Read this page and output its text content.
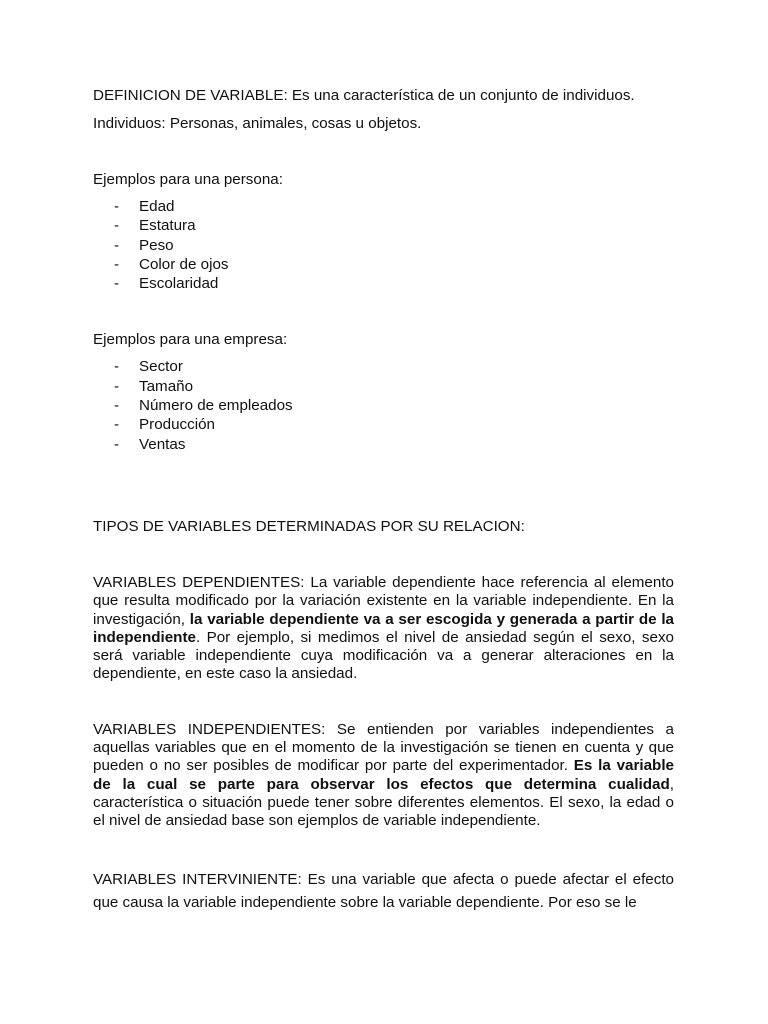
DEFINICION DE VARIABLE: Es una característica de un conjunto de individuos.

Individuos: Personas, animales, cosas u objetos.

Ejemplos para una persona:

- Edad
- Estatura
- Peso
- Color de ojos
- Escolaridad

Ejemplos para una empresa:

- Sector
- Tamaño
- Número de empleados
- Producción
- Ventas

TIPOS DE VARIABLES DETERMINADAS POR SU RELACION:

VARIABLES DEPENDIENTES: La variable dependiente hace referencia al elemento que resulta modificado por la variación existente en la variable independiente. En la investigación, la variable dependiente va a ser escogida y generada a partir de la independiente. Por ejemplo, si medimos el nivel de ansiedad según el sexo, sexo será variable independiente cuya modificación va a generar alteraciones en la dependiente, en este caso la ansiedad.

VARIABLES INDEPENDIENTES: Se entienden por variables independientes a aquellas variables que en el momento de la investigación se tienen en cuenta y que pueden o no ser posibles de modificar por parte del experimentador. Es la variable de la cual se parte para observar los efectos que determina cualidad, característica o situación puede tener sobre diferentes elementos. El sexo, la edad o el nivel de ansiedad base son ejemplos de variable independiente.

VARIABLES INTERVINIENTE: Es una variable que afecta o puede afectar el efecto que causa la variable independiente sobre la variable dependiente. Por eso se le
